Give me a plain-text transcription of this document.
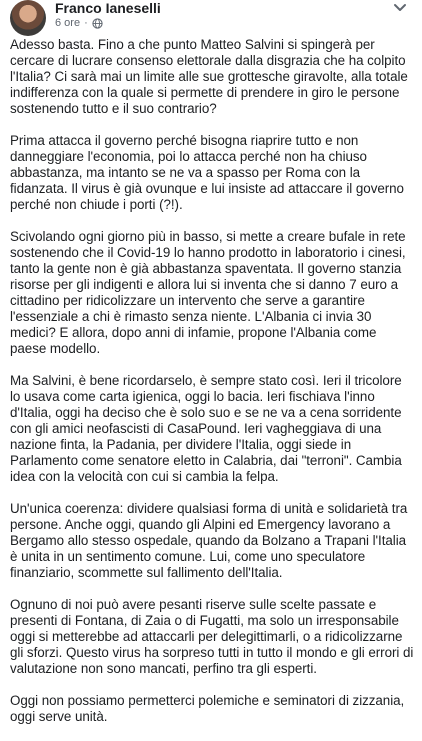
Franco Ianeselli
6 ore ·

Adesso basta. Fino a che punto Matteo Salvini si spingerà per cercare di lucrare consenso elettorale dalla disgrazia che ha colpito l'Italia? Ci sarà mai un limite alle sue grottesche giravolte, alla totale indifferenza con la quale si permette di prendere in giro le persone sostenendo tutto e il suo contrario?

Prima attacca il governo perché bisogna riaprire tutto e non danneggiare l'economia, poi lo attacca perché non ha chiuso abbastanza, ma intanto se ne va a spasso per Roma con la fidanzata. Il virus è già ovunque e lui insiste ad attaccare il governo perché non chiude i porti (?!).

Scivolando ogni giorno più in basso, si mette a creare bufale in rete sostenendo che il Covid-19 lo hanno prodotto in laboratorio i cinesi, tanto la gente non è già abbastanza spaventata. Il governo stanzia risorse per gli indigenti e allora lui si inventa che si danno 7 euro a cittadino per ridicolizzare un intervento che serve a garantire l'essenziale a chi è rimasto senza niente. L'Albania ci invia 30 medici? E allora, dopo anni di infamie, propone l'Albania come paese modello.

Ma Salvini, è bene ricordarselo, è sempre stato così. Ieri il tricolore lo usava come carta igienica, oggi lo bacia. Ieri fischiava l'inno d'Italia, oggi ha deciso che è solo suo e se ne va a cena sorridente con gli amici neofascisti di CasaPound. Ieri vagheggiava di una nazione finta, la Padania, per dividere l'Italia, oggi siede in Parlamento come senatore eletto in Calabria, dai "terroni". Cambia idea con la velocità con cui si cambia la felpa.

Un'unica coerenza: dividere qualsiasi forma di unità e solidarietà tra persone. Anche oggi, quando gli Alpini ed Emergency lavorano a Bergamo allo stesso ospedale, quando da Bolzano a Trapani l'Italia è unita in un sentimento comune. Lui, come uno speculatore finanziario, scommette sul fallimento dell'Italia.

Ognuno di noi può avere pesanti riserve sulle scelte passate e presenti di Fontana, di Zaia o di Fugatti, ma solo un irresponsabile oggi si metterebbe ad attaccarli per delegittimarli, o a ridicolizzarne gli sforzi. Questo virus ha sorpreso tutti in tutto il mondo e gli errori di valutazione non sono mancati, perfino tra gli esperti.

Oggi non possiamo permetterci polemiche e seminatori di zizzania, oggi serve unità.
